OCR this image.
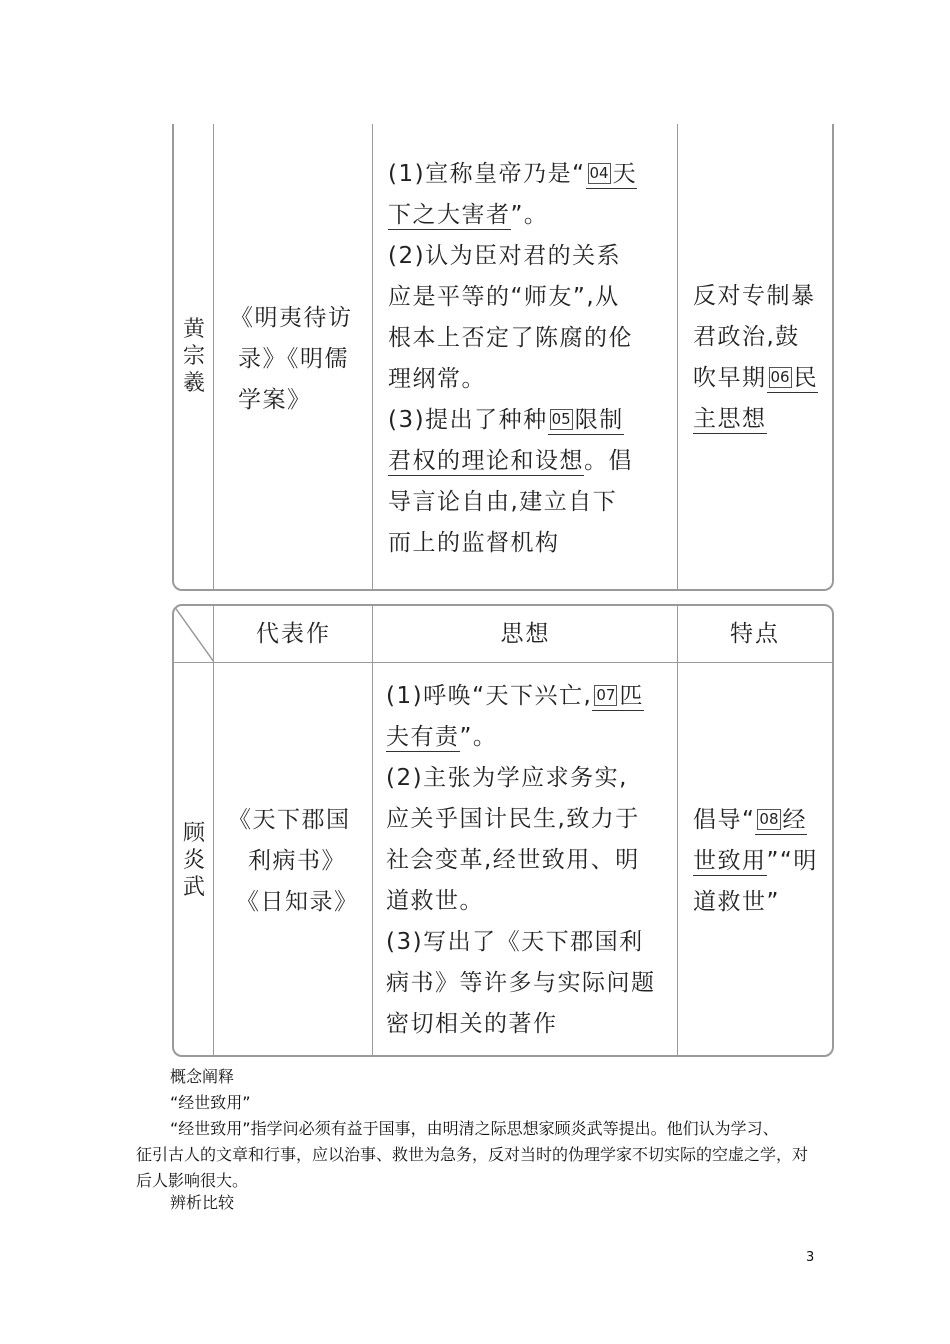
黄宗羲
《明夷待访
录》《明儒
学案》
(1)宣称皇帝乃是“ 04 天
下之大害者”。
(2)认为臣对君的关系
应是平等的“师友”,从
根本上否定了陈腐的伦
理纲常。
(3)提出了种种 05 限制
君权的理论和设想。倡
导言论自由,建立自下
而上的监督机构
反对专制暴
君政治,鼓
吹早期 06 民
主思想
代表作	思想	特点
顾炎武
《天下郡国
利病书》
《日知录》
(1)呼唤“天下兴亡, 07 匹
夫有责”。
(2)主张为学应求务实,
应关乎国计民生,致力于
社会变革,经世致用、明
道救世。
(3)写出了《天下郡国利
病书》等许多与实际问题
密切相关的著作
倡导“ 08 经
世致用”“明
道救世”
概念阐释
“经世致用”
“经世致用”指学问必须有益于国事，由明清之际思想家顾炎武等提出。他们认为学习、
征引古人的文章和行事，应以治事、救世为急务，反对当时的伪理学家不切实际的空虚之学，对
后人影响很大。
辨析比较
3
